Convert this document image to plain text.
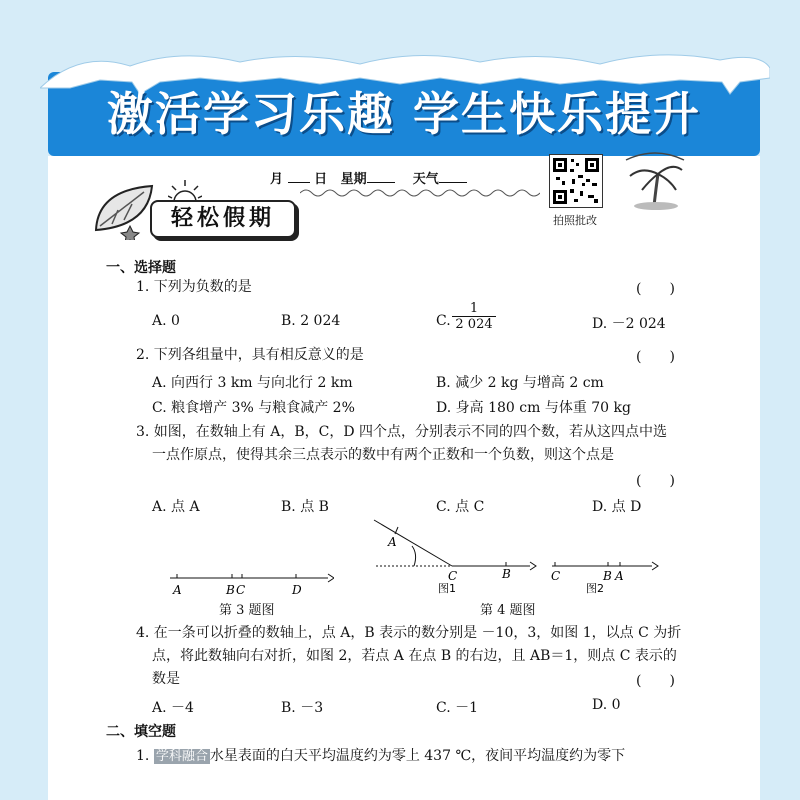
激活学习乐趣 学生快乐提升
月 日 星期	天气
拍照批改
轻松假期
一、选择题
1. 下列为负数的是	(　　)
A. 0	B. 2 024	C. $\frac{1}{2 024}$	D. －2 024
2. 下列各组量中，具有相反意义的是	(　　)
A. 向西行 3 km 与向北行 2 km	B. 减少 2 kg 与增高 2 cm
C. 粮食增产 3% 与粮食减产 2%	D. 身高 180 cm 与体重 70 kg
3. 如图，在数轴上有 A，B，C，D 四个点，分别表示不同的四个数，若从这四点中选
一点作原点，使得其余三点表示的数中有两个正数和一个负数，则这个点是
(　　)
A. 点 A	B. 点 B	C. 点 C	D. 点 D
A	B C	D
第 3 题图
A
C	B
图1
C	B A
图2
第 4 题图
4. 在一条可以折叠的数轴上，点 A，B 表示的数分别是 －10，3，如图 1，以点 C 为折
点，将此数轴向右对折，如图 2，若点 A 在点 B 的右边，且 AB＝1，则点 C 表示的
数是	(　　)
A. －4	B. －3	C. －1	D. 0
二、填空题
1. 学科融合 水星表面的白天平均温度约为零上 437 ℃，夜间平均温度约为零下
